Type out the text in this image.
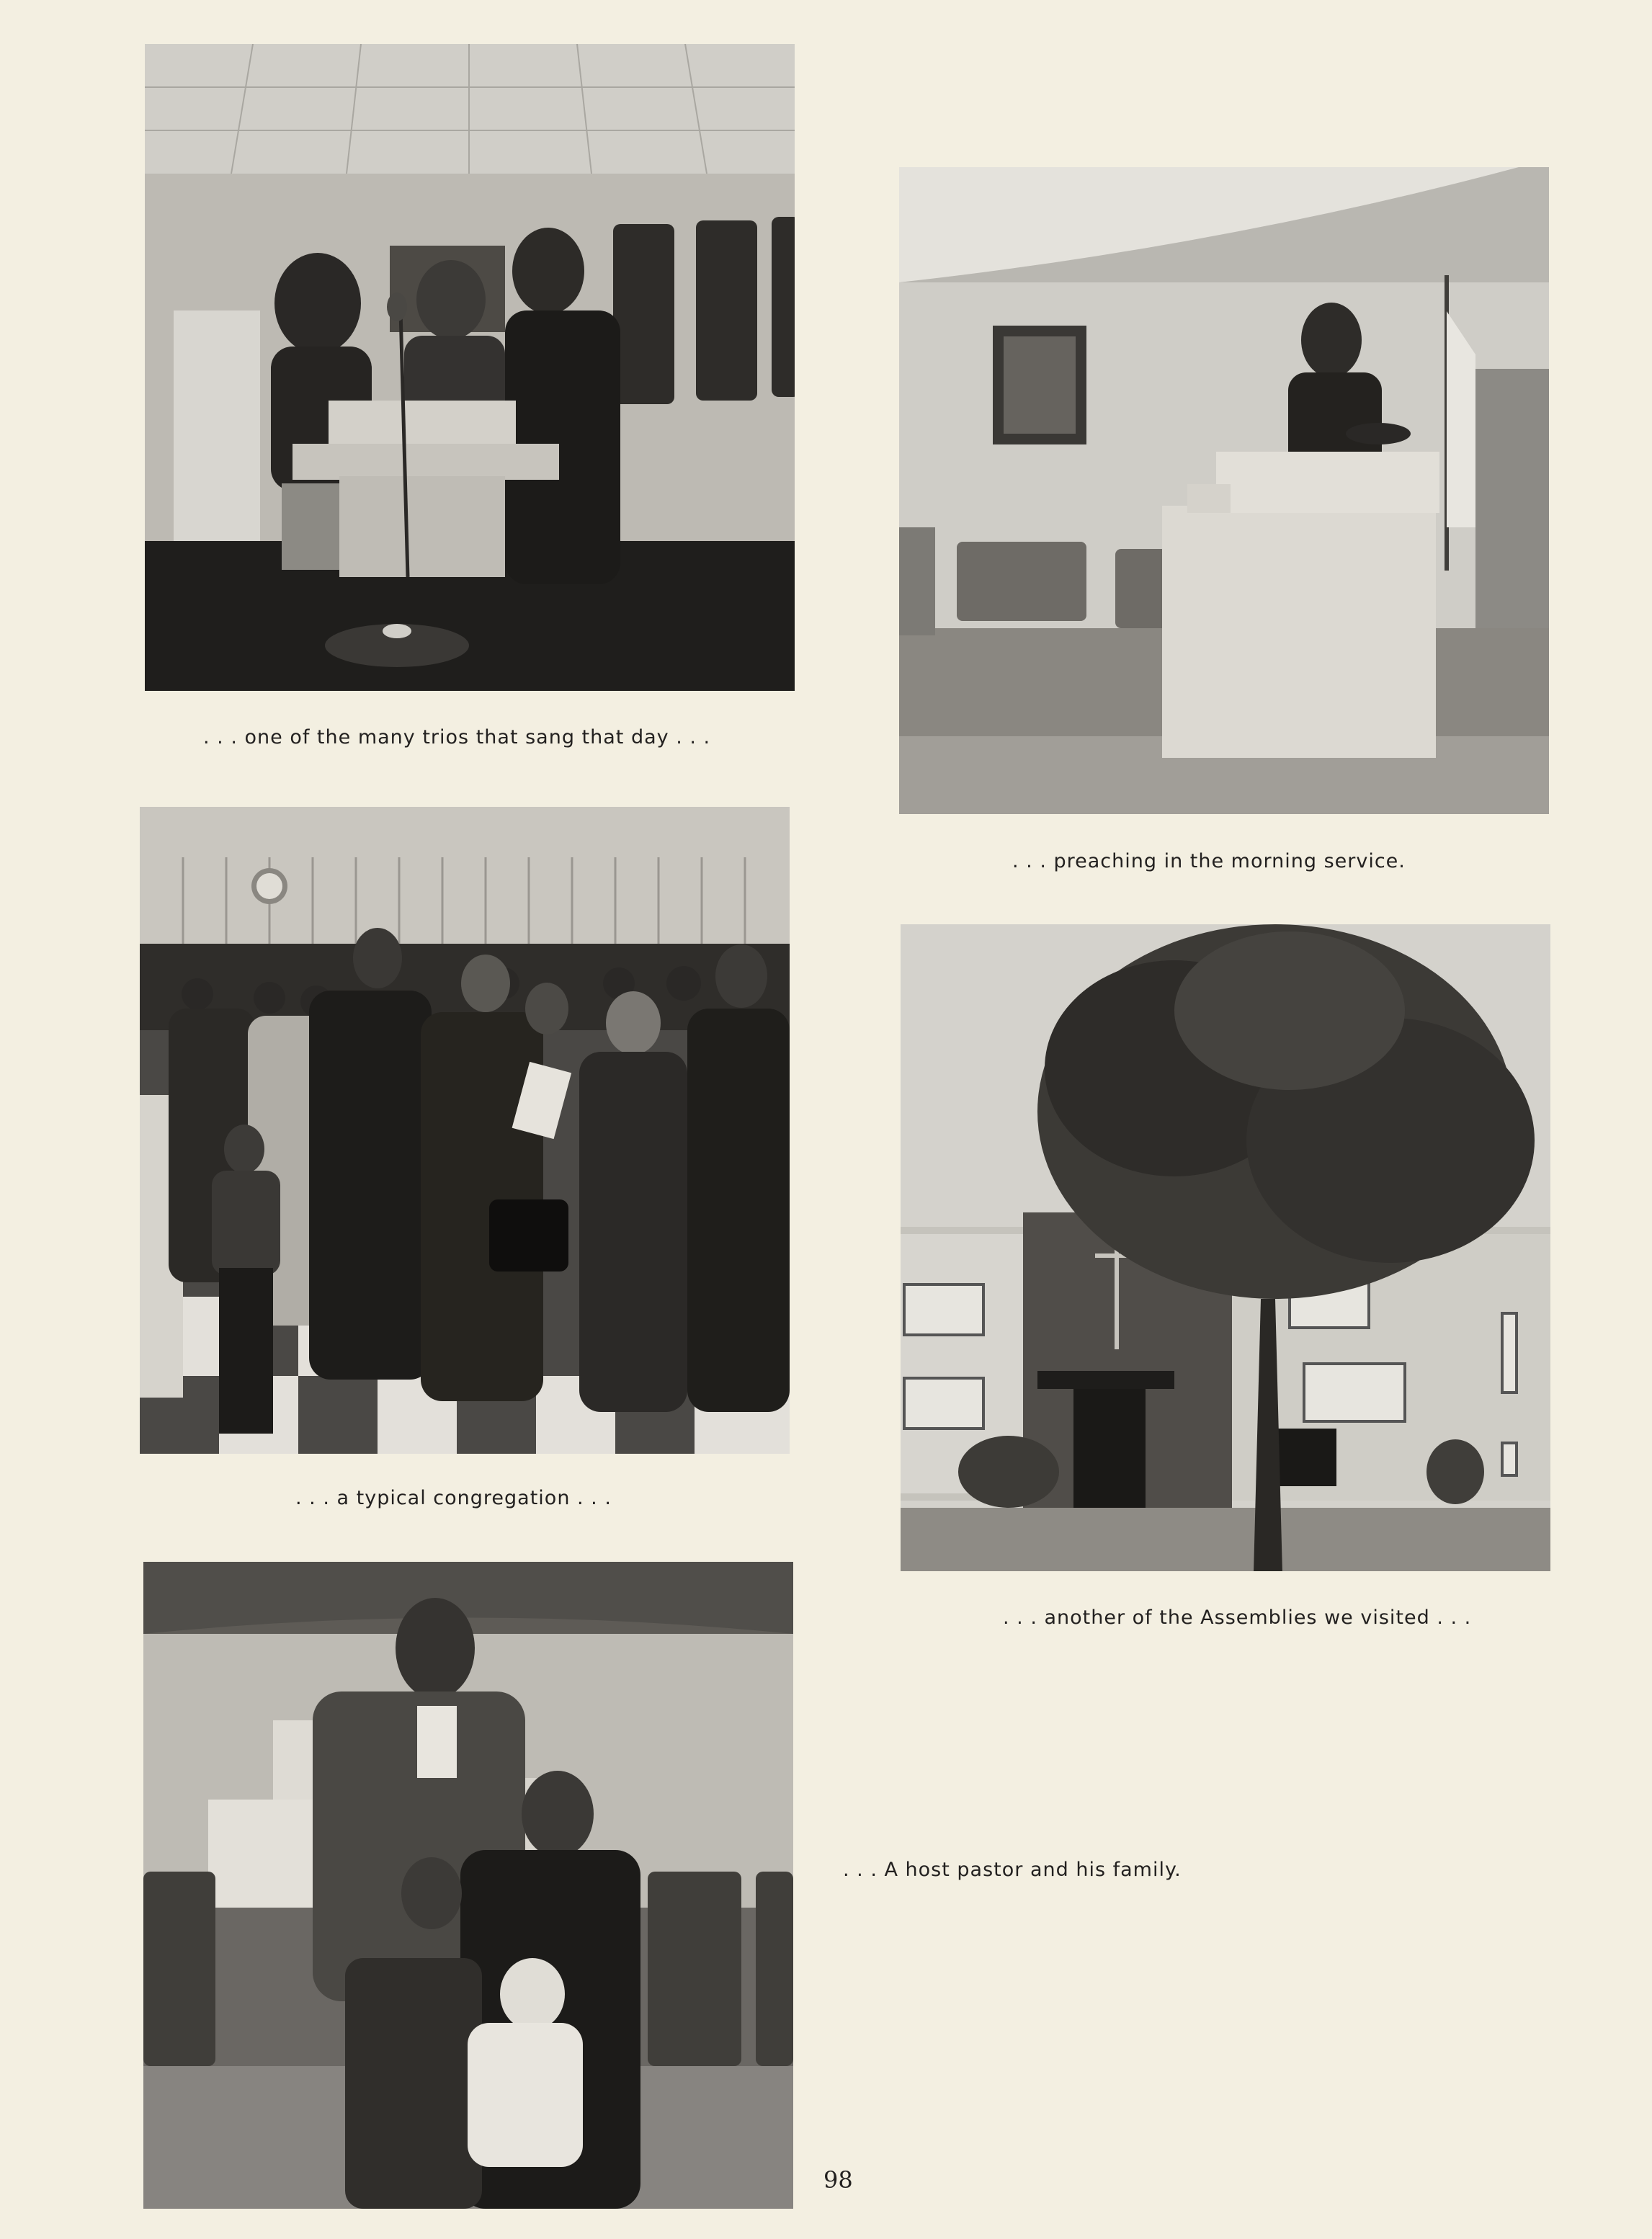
. . . one of the many trios that sang that day . . .
. . . preaching in the morning service.
. . . a typical congregation . . .
. . . another of the Assemblies we visited . . .
. . . A host pastor and his family.
98
